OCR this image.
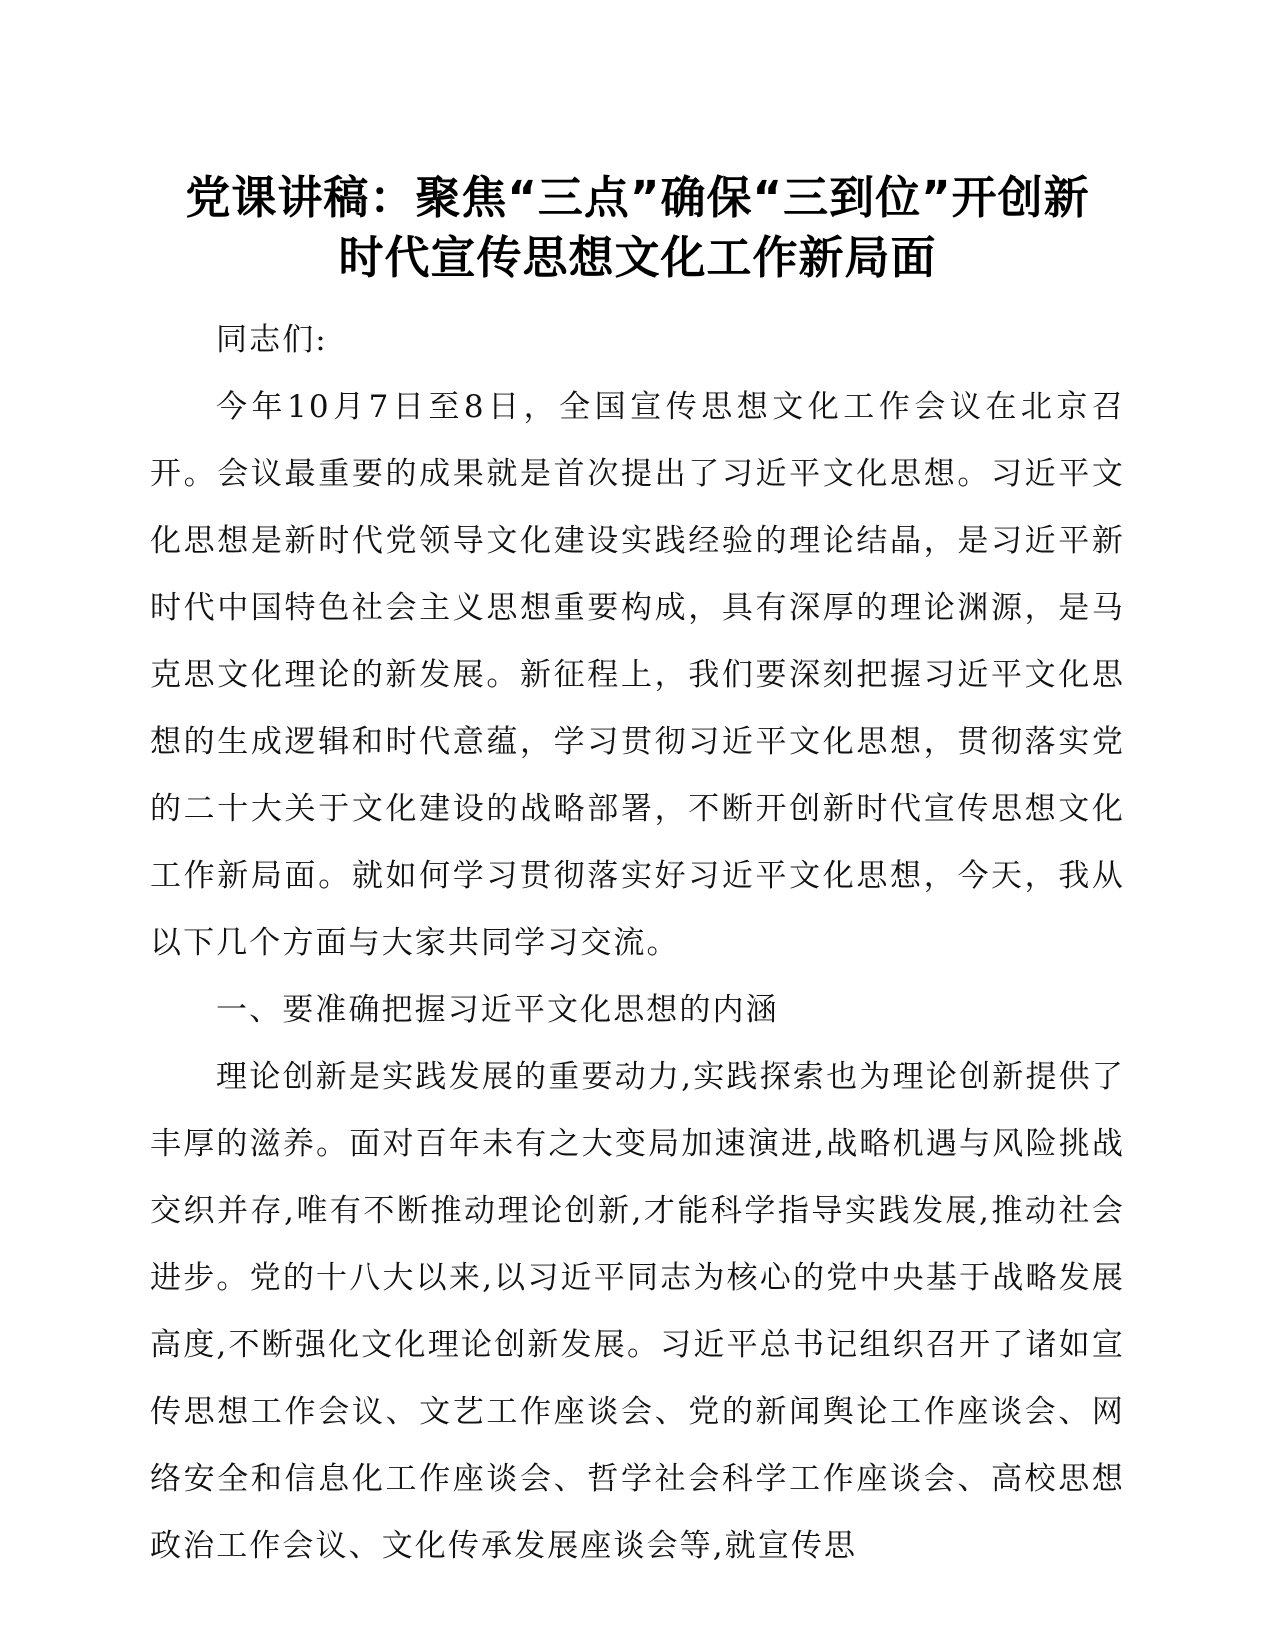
党课讲稿：聚焦“三点”确保“三到位”开创新
时代宣传思想文化工作新局面

同志们:

今年10月7日至8日，全国宣传思想文化工作会议在北京召开。会议最重要的成果就是首次提出了习近平文化思想。习近平文化思想是新时代党领导文化建设实践经验的理论结晶，是习近平新时代中国特色社会主义思想重要构成，具有深厚的理论渊源，是马克思文化理论的新发展。新征程上，我们要深刻把握习近平文化思想的生成逻辑和时代意蕴，学习贯彻习近平文化思想，贯彻落实党的二十大关于文化建设的战略部署，不断开创新时代宣传思想文化工作新局面。就如何学习贯彻落实好习近平文化思想，今天，我从以下几个方面与大家共同学习交流。

一、要准确把握习近平文化思想的内涵

理论创新是实践发展的重要动力,实践探索也为理论创新提供了丰厚的滋养。面对百年未有之大变局加速演进,战略机遇与风险挑战交织并存,唯有不断推动理论创新,才能科学指导实践发展,推动社会进步。党的十八大以来,以习近平同志为核心的党中央基于战略发展高度,不断强化文化理论创新发展。习近平总书记组织召开了诸如宣传思想工作会议、文艺工作座谈会、党的新闻舆论工作座谈会、网络安全和信息化工作座谈会、哲学社会科学工作座谈会、高校思想政治工作会议、文化传承发展座谈会等,就宣传思
